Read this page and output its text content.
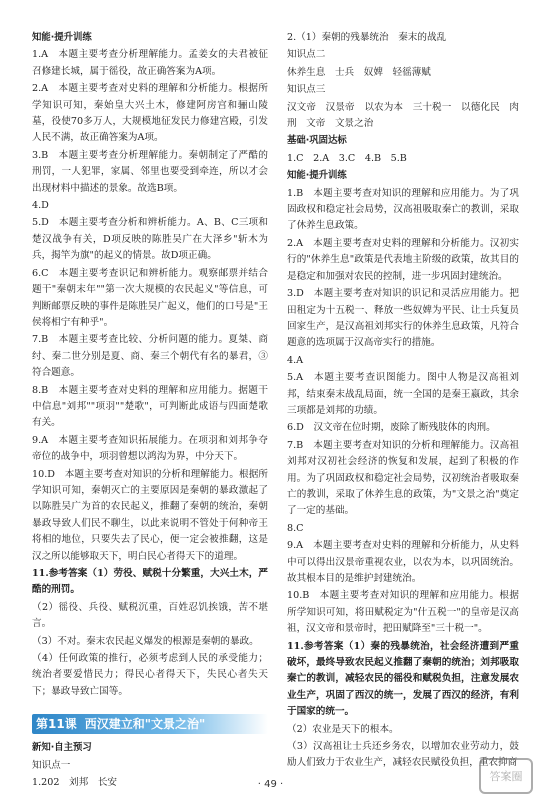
知能·提升训练
1.A　本题主要考查分析理解能力。孟姜女的夫君被征召修建长城，属于徭役，故正确答案为A项。
2.A　本题主要考查对史料的理解和分析能力。根据所学知识可知，秦始皇大兴土木，修建阿房宫和骊山陵墓，役使70多万人，大规模地征发民力修建宫殿，引发人民不满，故正确答案为A项。
3.B　本题主要考查分析理解能力。秦朝制定了严酷的刑罚，一人犯罪，家属、邻里也要受到牵连，所以才会出现材料中描述的景象。故选B项。
4.D
5.D　本题主要考查分析和辨析能力。A、B、C三项和楚汉战争有关，D项反映的陈胜吴广在大泽乡"斩木为兵，揭竿为旗"的起义的情景。故D项正确。
6.C　本题主要考查识记和辨析能力。观察邮票并结合题干"秦朝末年""第一次大规模的农民起义"等信息，可判断邮票反映的事件是陈胜吴广起义，他们的口号是"王侯将相宁有种乎"。
7.B　本题主要考查比较、分析问题的能力。夏桀、商纣、秦二世分别是夏、商、秦三个朝代有名的暴君，③符合题意。
8.B　本题主要考查对史料的理解和应用能力。据题干中信息"刘邦""项羽""楚歌"，可判断此成语与四面楚歌有关。
9.A　本题主要考查知识拓展能力。在项羽和刘邦争夺帝位的战争中，项羽曾想以鸿沟为界，中分天下。
10.D　本题主要考查对知识的分析和理解能力。根据所学知识可知，秦朝灭亡的主要原因是秦朝的暴政激起了以陈胜吴广为首的农民起义，推翻了秦朝的统治，秦朝暴政导致人们民不聊生，以此来说明不管处于何种帝王将相的地位，只要失去了民心，便一定会被推翻，这是汉之所以能够取天下，明白民心者得天下的道理。
11.参考答案（1）劳役、赋税十分繁重，大兴土木，严酷的刑罚。
（2）徭役、兵役、赋税沉重，百姓忍饥挨饿，苦不堪言。
（3）不对。秦末农民起义爆发的根源是秦朝的暴政。
（4）任何政策的推行，必须考虑到人民的承受能力；统治者要爱惜民力；得民心者得天下，失民心者失天下；暴政导致亡国等。
第11课 西汉建立和"文景之治"
新知·自主预习
知识点一
1.202　刘邦　长安
2.（1）秦朝的残暴统治　秦末的战乱
知识点二
休养生息　士兵　奴婢　轻徭薄赋
知识点三
汉文帝　汉景帝　以农为本　三十税一　以德化民　肉刑　文帝　文景之治
基础·巩固达标
1.C　2.A　3.C　4.B　5.B
知能·提升训练
1.B　本题主要考查对知识的理解和应用能力。为了巩固政权和稳定社会局势，汉高祖吸取秦亡的教训，采取了休养生息政策。
2.A　本题主要考查对史料的理解和分析能力。汉初实行的"休养生息"政策是代表地主阶级的政策，故其目的是稳定和加强对农民的控制，进一步巩固封建统治。
3.D　本题主要考查对知识的识记和灵活应用能力。把田租定为十五税一、释放一些奴婢为平民、让士兵复员回家生产，是汉高祖刘邦实行的休养生息政策，凡符合题意的选项属于汉高帝实行的措施。
4.A
5.A　本题主要考查识图能力。图中人物是汉高祖刘邦，结束秦末战乱局面，统一全国的是秦王嬴政，其余三项都是刘邦的功绩。
6.D　汉文帝在位时期，废除了断残肢体的肉刑。
7.B　本题主要考查对知识的分析和理解能力。汉高祖刘邦对汉初社会经济的恢复和发展，起到了积极的作用。为了巩固政权和稳定社会局势，汉初统治者吸取秦亡的教训，采取了休养生息的政策，为"文景之治"奠定了一定的基础。
8.C
9.A　本题主要考查对史料的理解和分析能力，从史料中可以得出汉景帝重视农业，以农为本，以巩固统治。故其根本目的是维护封建统治。
10.B　本题主要考查对知识的理解和应用能力。根据所学知识可知，将田赋税定为"什五税一"的皇帝是汉高祖，汉文帝和景帝时，把田赋降至"三十税一"。
11.参考答案（1）秦的残暴统治，社会经济遭到严重破坏，最终导致农民起义推翻了秦朝的统治；刘邦吸取秦亡的教训，减轻农民的徭役和赋税负担，注意发展农业生产，巩固了西汉的统一，发展了西汉的经济，有利于国家的统一。
（2）农业是天下的根本。
（3）汉高祖让士兵还乡务农，以增加农业劳动力，鼓励人们致力于农业生产，减轻农民赋役负担，重农抑商
· 49 ·
答案圈
